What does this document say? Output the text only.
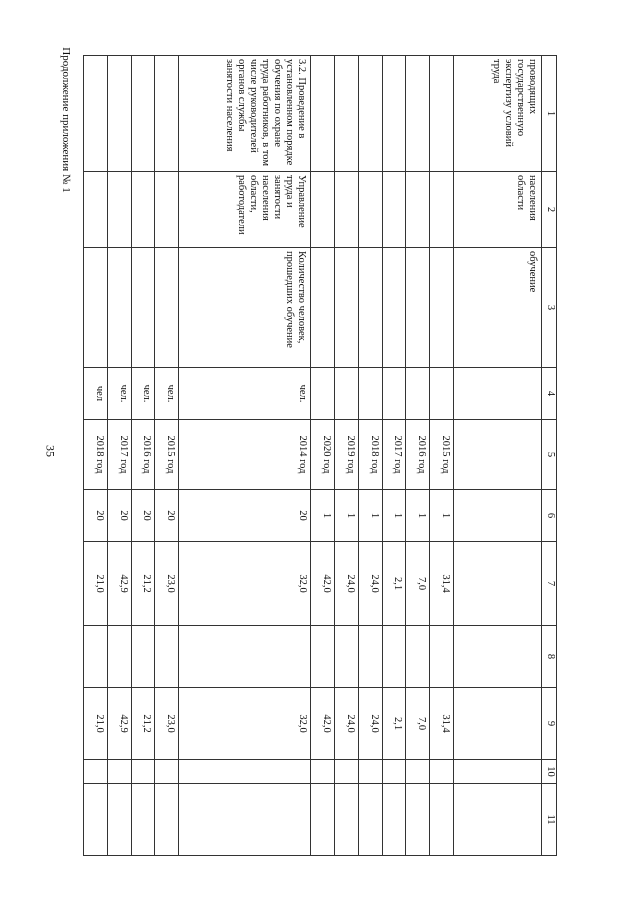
35
Продолжение приложения № 1	1	2	3	4	5	6	7	8	9	10	11
проводящих государственную экспертизу условий труда	населения области	обучение								
				2015 год	1	31,4		31,4		
				2016 год	1	7,0		7,0		
				2017 год	1	2,1		2,1		
				2018 год	1	24,0		24,0		
				2019 год	1	24,0		24,0		
				2020 год	1	42,0		42,0		
3.2. Проведение в установленном порядке обучения по охране труда работников, в том числе руководителей органов службы занятости населения	Управление труда и занятости населения области, работодатели	Количество человек, прошедших обучение	чел.	2014 год	20	32,0		32,0		
			чел.	2015 год	20	23,0		23,0		
			чел.	2016 год	20	21,2		21,2		
			чел.	2017 год	20	42,9		42,9		
			чел	2018 год	20	21,0		21,0		
